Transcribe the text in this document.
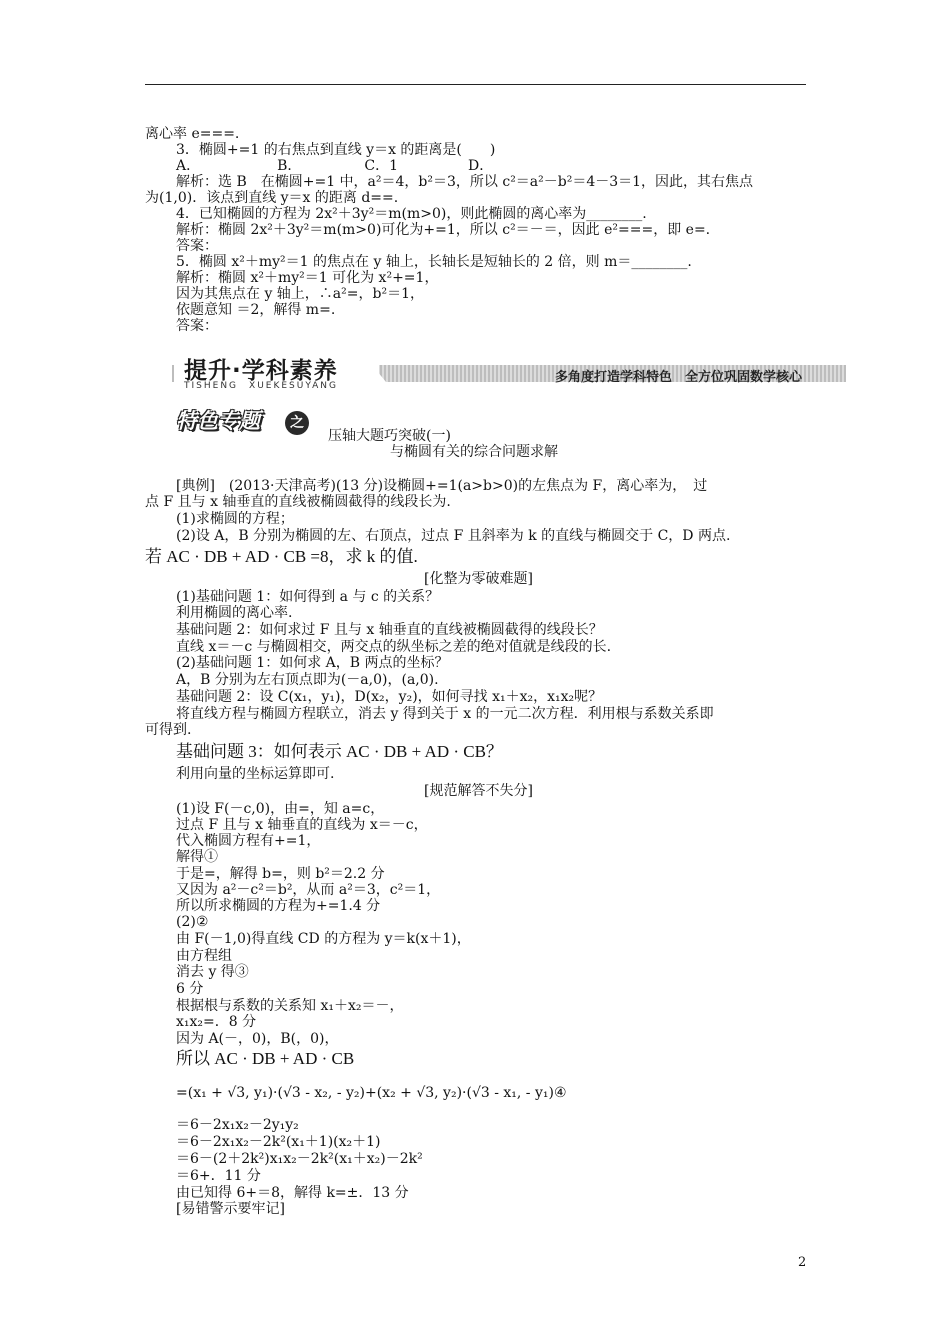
离心率 e===.
3．椭圆+=1 的右焦点到直线 y＝x 的距离是(　　)
A．　　　　　　B．　　　　　C．1　　　　　D．
解析：选 B　在椭圆+=1 中，a²＝4，b²＝3，所以 c²＝a²－b²＝4－3＝1，因此，其右焦点
为(1,0)．该点到直线 y＝x 的距离 d==.
4．已知椭圆的方程为 2x²＋3y²＝m(m>0)，则此椭圆的离心率为________.
解析：椭圆 2x²＋3y²＝m(m>0)可化为+=1，所以 c²＝－＝，因此 e²===，即 e=.
答案：
5．椭圆 x²＋my²＝1 的焦点在 y 轴上，长轴长是短轴长的 2 倍，则 m＝________.
解析：椭圆 x²＋my²＝1 可化为 x²+=1，
因为其焦点在 y 轴上，∴a²=，b²＝1，
依题意知 ＝2，解得 m=.
答案：
提升·学科素养
TISHENG　XUEKESUYANG
多角度打造学科特色　全方位巩固数学核心
特色专题	之
压轴大题巧突破(一)
与椭圆有关的综合问题求解
[典例]　(2013·天津高考)(13 分)设椭圆+=1(a>b>0)的左焦点为 F，离心率为，　过
点 F 且与 x 轴垂直的直线被椭圆截得的线段长为.
(1)求椭圆的方程；
(2)设 A，B 分别为椭圆的左、右顶点，过点 F 且斜率为 k 的直线与椭圆交于 C，D 两点.
若 AC · DB + AD · CB =8，求 k 的值.
[化整为零破难题]
(1)基础问题 1：如何得到 a 与 c 的关系？
利用椭圆的离心率.
基础问题 2：如何求过 F 且与 x 轴垂直的直线被椭圆截得的线段长？
直线 x＝－c 与椭圆相交，两交点的纵坐标之差的绝对值就是线段的长.
(2)基础问题 1：如何求 A，B 两点的坐标？
A，B 分别为左右顶点即为(－a,0)，(a,0).
基础问题 2：设 C(x₁，y₁)，D(x₂，y₂)，如何寻找 x₁＋x₂，x₁x₂呢？
将直线方程与椭圆方程联立，消去 y 得到关于 x 的一元二次方程．利用根与系数关系即
可得到.
基础问题 3：如何表示 AC · DB + AD · CB？
利用向量的坐标运算即可.
[规范解答不失分]
(1)设 F(－c,0)，由=，知 a=c，
过点 F 且与 x 轴垂直的直线为 x＝－c，
代入椭圆方程有+=1，
解得①
于是=，解得 b=，则 b²＝2.2 分
又因为 a²－c²＝b²，从而 a²＝3，c²＝1，
所以所求椭圆的方程为+=1.4 分
(2)②
由 F(－1,0)得直线 CD 的方程为 y＝k(x＋1)，
由方程组
消去 y 得③
6 分
根据根与系数的关系知 x₁＋x₂＝－，
x₁x₂=．8 分
因为 A(－，0)，B(，0)，
所以 AC · DB + AD · CB
=(x₁ + √3, y₁)·(√3 - x₂, - y₂)+(x₂ + √3, y₂)·(√3 - x₁, - y₁)④
＝6－2x₁x₂－2y₁y₂
＝6－2x₁x₂－2k²(x₁＋1)(x₂＋1)
＝6－(2＋2k²)x₁x₂－2k²(x₁＋x₂)－2k²
＝6+．11 分
由已知得 6+＝8，解得 k=±．13 分
[易错警示要牢记]
2
